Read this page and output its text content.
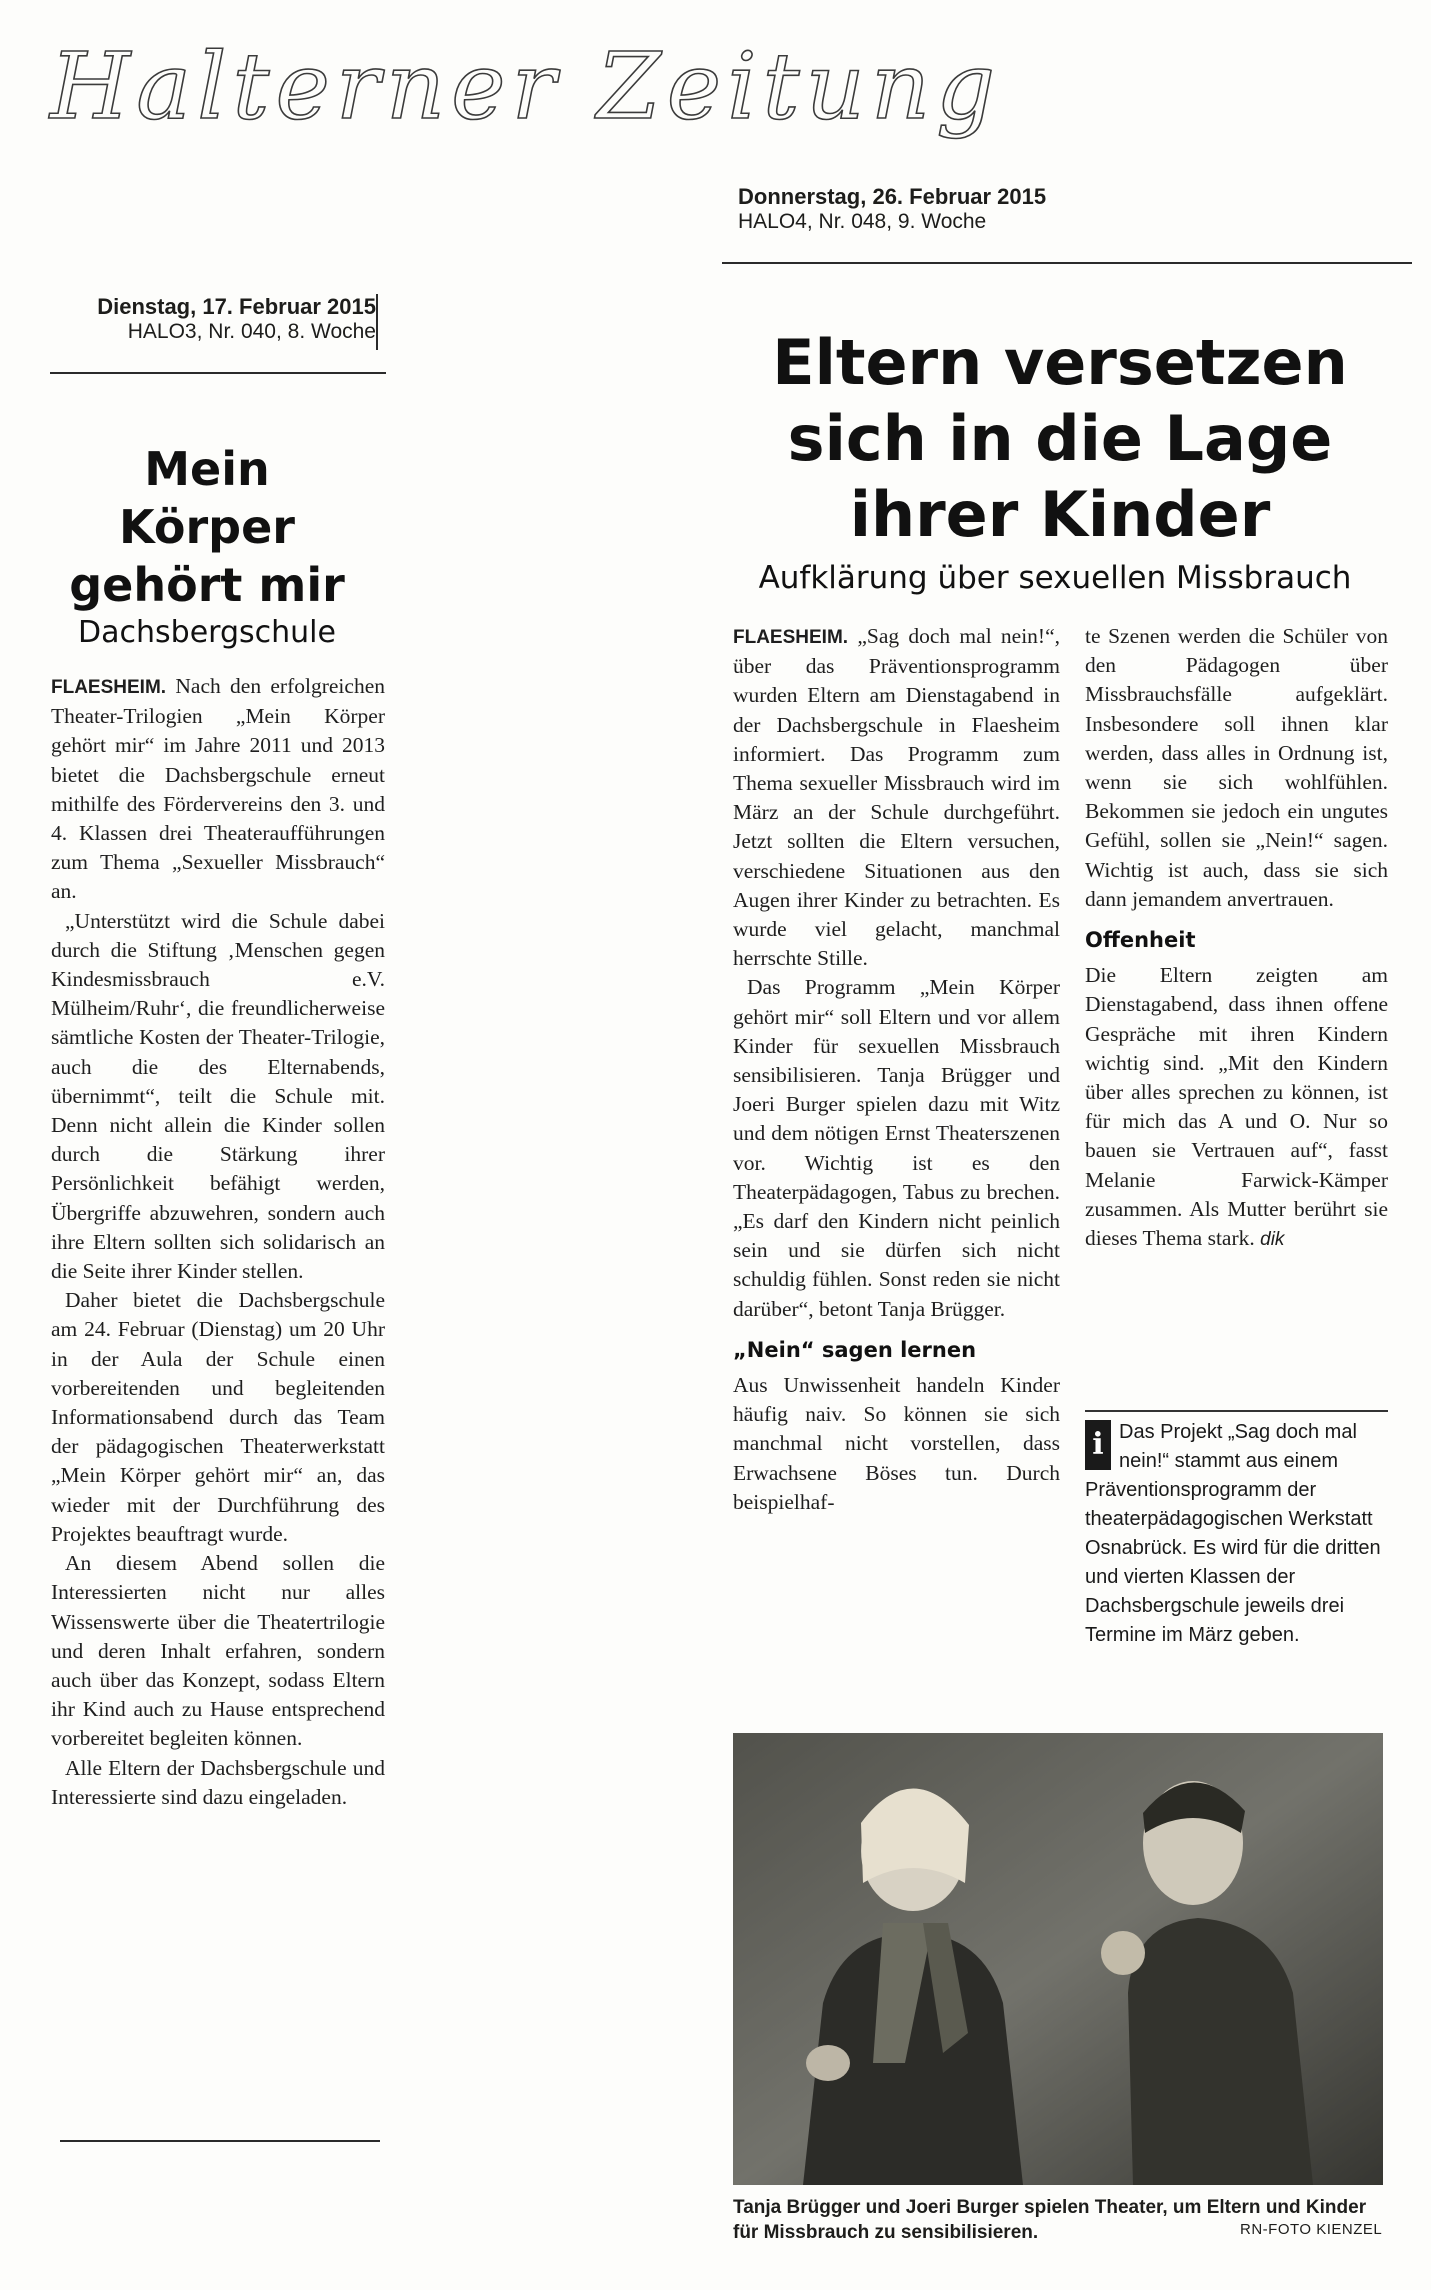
Halterner Zeitung
Dienstag, 17. Februar 2015
HALO3, Nr. 040, 8. Woche
Mein
Körper
gehört mir
Dachsbergschule

FLAESHEIM. Nach den erfolgreichen Theater-Trilogien „Mein Körper gehört mir“ im Jahre 2011 und 2013 bietet die Dachsbergschule erneut mithilfe des Fördervereins den 3. und 4. Klassen drei Theateraufführungen zum Thema „Sexueller Missbrauch“ an.

„Unterstützt wird die Schule dabei durch die Stiftung ‚Menschen gegen Kindesmissbrauch e.V. Mülheim/Ruhr‘, die freundlicherweise sämtliche Kosten der Theater-Trilogie, auch die des Elternabends, übernimmt“, teilt die Schule mit. Denn nicht allein die Kinder sollen durch die Stärkung ihrer Persönlichkeit befähigt werden, Übergriffe abzuwehren, sondern auch ihre Eltern sollten sich solidarisch an die Seite ihrer Kinder stellen.

Daher bietet die Dachsbergschule am 24. Februar (Dienstag) um 20 Uhr in der Aula der Schule einen vorbereitenden und begleitenden Informationsabend durch das Team der pädagogischen Theaterwerkstatt „Mein Körper gehört mir“ an, das wieder mit der Durchführung des Projektes beauftragt wurde.

An diesem Abend sollen die Interessierten nicht nur alles Wissenswerte über die Theatertrilogie und deren Inhalt erfahren, sondern auch über das Konzept, sodass Eltern ihr Kind auch zu Hause entsprechend vorbereitet begleiten können.

Alle Eltern der Dachsbergschule und Interessierte sind dazu eingeladen.

Donnerstag, 26. Februar 2015
HALO4, Nr. 048, 9. Woche
Eltern versetzen
sich in die Lage
ihrer Kinder
Aufklärung über sexuellen Missbrauch

FLAESHEIM. „Sag doch mal nein!“, über das Präventionsprogramm wurden Eltern am Dienstagabend in der Dachsbergschule in Flaesheim informiert. Das Programm zum Thema sexueller Missbrauch wird im März an der Schule durchgeführt. Jetzt sollten die Eltern versuchen, verschiedene Situationen aus den Augen ihrer Kinder zu betrachten. Es wurde viel gelacht, manchmal herrschte Stille.

Das Programm „Mein Körper gehört mir“ soll Eltern und vor allem Kinder für sexuellen Missbrauch sensibilisieren. Tanja Brügger und Joeri Burger spielen dazu mit Witz und dem nötigen Ernst Theaterszenen vor. Wichtig ist es den Theaterpädagogen, Tabus zu brechen. „Es darf den Kindern nicht peinlich sein und sie dürfen sich nicht schuldig fühlen. Sonst reden sie nicht darüber“, betont Tanja Brügger.

„Nein“ sagen lernen

Aus Unwissenheit handeln Kinder häufig naiv. So können sie sich manchmal nicht vorstellen, dass Erwachsene Böses tun. Durch beispielhaf-

te Szenen werden die Schüler von den Pädagogen über Missbrauchsfälle aufgeklärt. Insbesondere soll ihnen klar werden, dass alles in Ordnung ist, wenn sie sich wohlfühlen. Bekommen sie jedoch ein ungutes Gefühl, sollen sie „Nein!“ sagen. Wichtig ist auch, dass sie sich dann jemandem anvertrauen.

Offenheit

Die Eltern zeigten am Dienstagabend, dass ihnen offene Gespräche mit ihren Kindern wichtig sind. „Mit den Kindern über alles sprechen zu können, ist für mich das A und O. Nur so bauen sie Vertrauen auf“, fasst Melanie Farwick-Kämper zusammen. Als Mutter berührt sie dieses Thema stark. dik

i Das Projekt „Sag doch mal nein!“ stammt aus einem Präventionsprogramm der theaterpädagogischen Werkstatt Osnabrück. Es wird für die dritten und vierten Klassen der Dachsbergschule jeweils drei Termine im März geben.
Tanja Brügger und Joeri Burger spielen Theater, um Eltern und Kinder für Missbrauch zu sensibilisieren.	RN-FOTO KIENZEL
